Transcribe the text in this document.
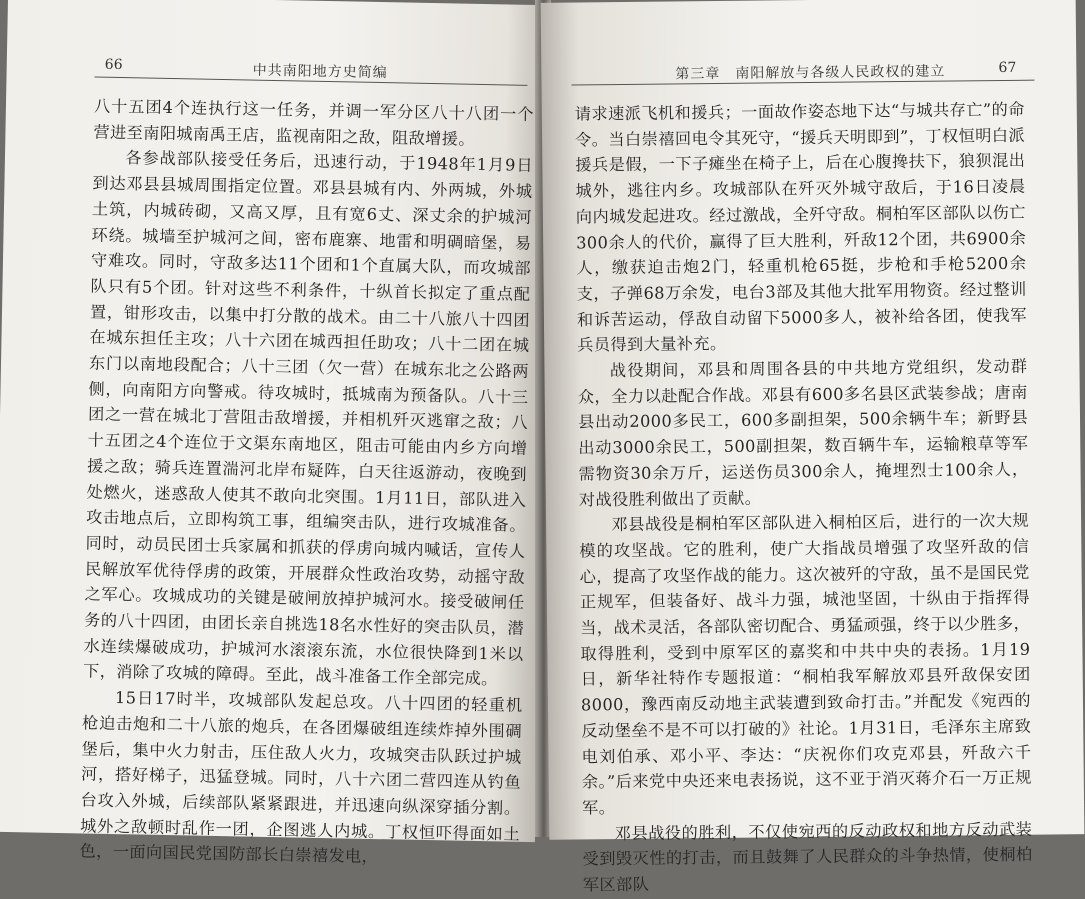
66	中共南阳地方史简编

八十五团4个连执行这一任务，并调一军分区八十八团一个营进至南阳城南禹王店，监视南阳之敌，阻敌增援。

各参战部队接受任务后，迅速行动，于1948年1月9日到达邓县县城周围指定位置。邓县县城有内、外两城，外城土筑，内城砖砌，又高又厚，且有宽6丈、深丈余的护城河环绕。城墙至护城河之间，密布鹿寨、地雷和明碉暗堡，易守难攻。同时，守敌多达11个团和1个直属大队，而攻城部队只有5个团。针对这些不利条件，十纵首长拟定了重点配置，钳形攻击，以集中打分散的战术。由二十八旅八十四团在城东担任主攻；八十六团在城西担任助攻；八十二团在城东门以南地段配合；八十三团（欠一营）在城东北之公路两侧，向南阳方向警戒。待攻城时，抵城南为预备队。八十三团之一营在城北丁营阻击敌增援，并相机歼灭逃窜之敌；八十五团之4个连位于文渠东南地区，阻击可能由内乡方向增援之敌；骑兵连置湍河北岸布疑阵，白天往返游动，夜晚到处燃火，迷惑敌人使其不敢向北突围。1月11日，部队进入攻击地点后，立即构筑工事，组编突击队，进行攻城准备。同时，动员民团士兵家属和抓获的俘虏向城内喊话，宣传人民解放军优待俘虏的政策，开展群众性政治攻势，动摇守敌之军心。攻城成功的关键是破闸放掉护城河水。接受破闸任务的八十四团，由团长亲自挑选18名水性好的突击队员，潜水连续爆破成功，护城河水滚滚东流，水位很快降到1米以下，消除了攻城的障碍。至此，战斗准备工作全部完成。

15日17时半，攻城部队发起总攻。八十四团的轻重机枪迫击炮和二十八旅的炮兵，在各团爆破组连续炸掉外围碉堡后，集中火力射击，压住敌人火力，攻城突击队跃过护城河，搭好梯子，迅猛登城。同时，八十六团二营四连从钓鱼台攻入外城，后续部队紧紧跟进，并迅速向纵深穿插分割。城外之敌顿时乱作一团，企图逃人内城。丁权恒吓得面如土色，一面向国民党国防部长白崇禧发电，

第三章　南阳解放与各级人民政权的建立	67

请求速派飞机和援兵；一面故作姿态地下达“与城共存亡”的命令。当白崇禧回电令其死守，“援兵天明即到”，丁权恒明白派援兵是假，一下子瘫坐在椅子上，后在心腹搀扶下，狼狈混出城外，逃往内乡。攻城部队在歼灭外城守敌后，于16日凌晨向内城发起进攻。经过激战，全歼守敌。桐柏军区部队以伤亡300余人的代价，赢得了巨大胜利，歼敌12个团，共6900余人，缴获迫击炮2门，轻重机枪65挺，步枪和手枪5200余支，子弹68万余发，电台3部及其他大批军用物资。经过整训和诉苦运动，俘敌自动留下5000多人，被补给各团，使我军兵员得到大量补充。

战役期间，邓县和周围各县的中共地方党组织，发动群众，全力以赴配合作战。邓县有600多名县区武装参战；唐南县出动2000多民工，600多副担架，500余辆牛车；新野县出动3000余民工，500副担架，数百辆牛车，运输粮草等军需物资30余万斤，运送伤员300余人，掩埋烈士100余人，对战役胜利做出了贡献。

邓县战役是桐柏军区部队进入桐柏区后，进行的一次大规模的攻坚战。它的胜利，使广大指战员增强了攻坚歼敌的信心，提高了攻坚作战的能力。这次被歼的守敌，虽不是国民党正规军，但装备好、战斗力强，城池坚固，十纵由于指挥得当，战术灵活，各部队密切配合、勇猛顽强，终于以少胜多，取得胜利，受到中原军区的嘉奖和中共中央的表扬。1月19日，新华社特作专题报道：“桐柏我军解放邓县歼敌保安团8000，豫西南反动地主武装遭到致命打击。”并配发《宛西的反动堡垒不是不可以打破的》社论。1月31日，毛泽东主席致电刘伯承、邓小平、李达：“庆祝你们攻克邓县，歼敌六千余。”后来党中央还来电表扬说，这不亚于消灭蒋介石一万正规军。

邓县战役的胜利，不仅使宛西的反动政权和地方反动武装受到毁灭性的打击，而且鼓舞了人民群众的斗争热情，使桐柏军区部队
